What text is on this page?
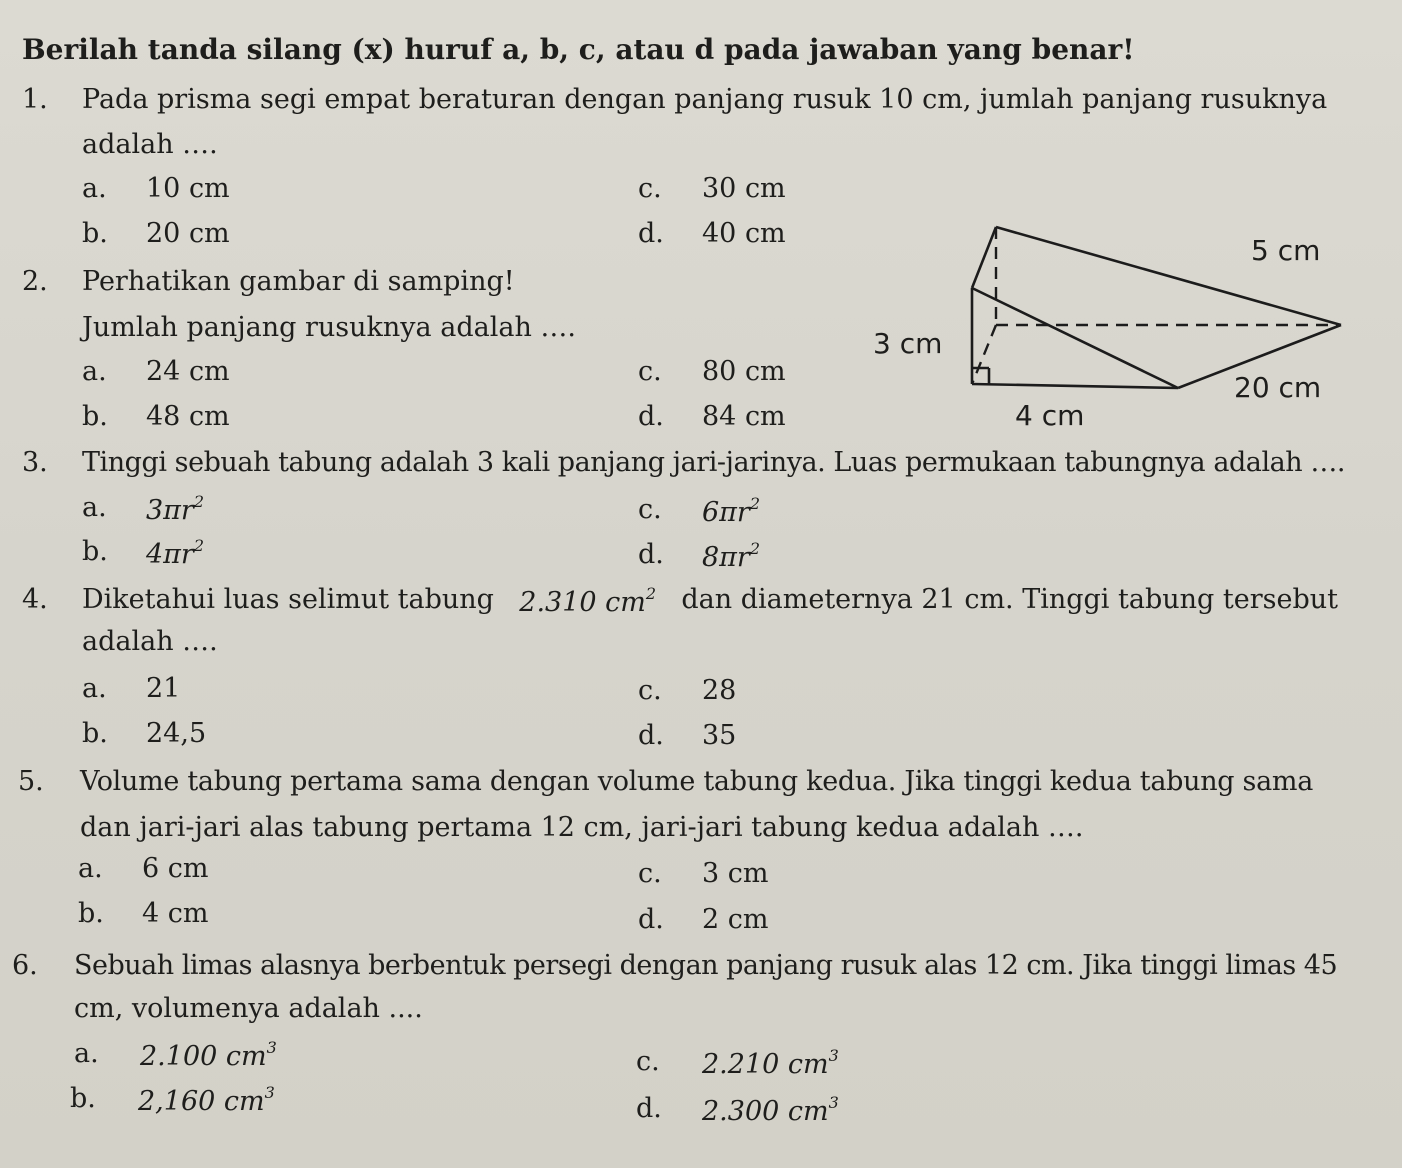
Berilah tanda silang (x) huruf a, b, c, atau d pada jawaban yang benar!
1. Pada prisma segi empat beraturan dengan panjang rusuk 10 cm, jumlah panjang rusuknya
adalah ….
a. 10 cm
b. 20 cm
c. 30 cm
d. 40 cm
2. Perhatikan gambar di samping!
Jumlah panjang rusuknya adalah ….
a. 24 cm
b. 48 cm
c. 80 cm
d. 84 cm
5 cm
3 cm
20 cm
4 cm
3. Tinggi sebuah tabung adalah 3 kali panjang jari-jarinya. Luas permukaan tabungnya adalah ….
a. $3\pi r^2$
b. $4\pi r^2$
c. $6\pi r^2$
d. $8\pi r^2$
4. Diketahui luas selimut tabung 2.310 $cm^2$ dan diameternya 21 cm. Tinggi tabung tersebut
adalah ….
a. 21
b. 24,5
c. 28
d. 35
5. Volume tabung pertama sama dengan volume tabung kedua. Jika tinggi kedua tabung sama
dan jari-jari alas tabung pertama 12 cm, jari-jari tabung kedua adalah ….
a. 6 cm
b. 4 cm
c. 3 cm
d. 2 cm
6. Sebuah limas alasnya berbentuk persegi dengan panjang rusuk alas 12 cm. Jika tinggi limas 45
cm, volumenya adalah ....
a. 2.100 $cm^3$
b. 2,160 $cm^3$
c. 2.210 $cm^3$
d. 2.300 $cm^3$
